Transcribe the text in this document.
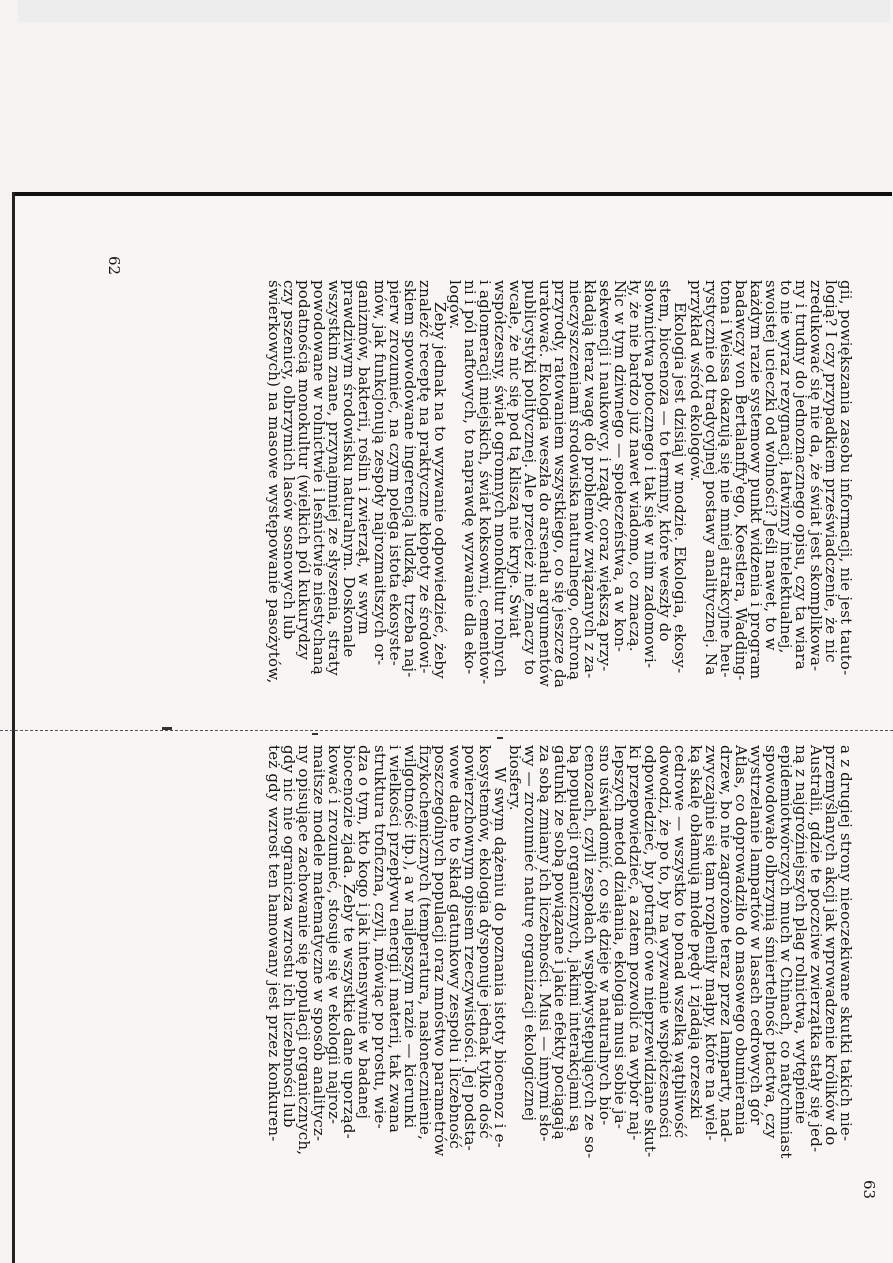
gii, powiększania zasobu informacji, nie jest tauto-

logią? I czy przypadkiem przeświadczenie, że nic

zredukować się nie da, że świat jest skomplikowa-

ny i trudny do jednoznacznego opisu, czy ta wiara

to nie wyraz rezygnacji, łatwizny intelektualnej,

swoistej ucieczki od wolności? Jeśli nawet, to w

każdym razie systemowy punkt widzenia i program

badawczy von Bertalanffy'ego, Koestlera, Wadding-

tona i Weissa okazują się nie mniej atrakcyjne heu-

rystycznie od tradycyjnej postawy analitycznej. Na

przykład wśród ekologów.

Ekologia jest dzisiaj w modzie. Ekologia, ekosy-

stem, biocenoza — to terminy, które weszły do

słownictwa potocznego i tak się w nim zadomowi-

ły, że nie bardzo już nawet wiadomo, co znaczą.

Nic w tym dziwnego — społeczeństwa, a w kon-

sekwencji i naukowcy, i rządy, coraz większą przy-

kładają teraz wagę do problemów związanych z za-

nieczyszczeniami środowiska naturalnego, ochroną

przyrody, ratowaniem wszystkiego, co się jeszcze da

uratować. Ekologia weszła do arsenału argumentów

publicystyki politycznej. Ale przecież nie znaczy to

wcale, że nic się pod tą kliszą nie kryje. Świat

współczesny, świat ogromnych monokultur rolnych

i aglomeracji miejskich, świat koksowni, cementow-

ni i pól naftowych, to naprawdę wyzwanie dla eko-

logów.

Żeby jednak na to wyzwanie odpowiedzieć, żeby

znaleźć receptę na praktyczne kłopoty ze środowi-

skiem spowodowane ingerencją ludzką, trzeba naj-

pierw zrozumieć, na czym polega istota ekosyste-

mów, jak funkcjonują zespoły najrozmaitszych or-

ganizmów, bakterii, roślin i zwierząt, w swym

prawdziwym środowisku naturalnym. Doskonale

wszystkim znane, przynajmniej ze słyszenia, straty

powodowane w rolnictwie i leśnictwie niestychaną

podatnością monokultur (wielkich pól kukurydzy

czy pszenicy, olbrzymich lasów sosnowych lub

świerkowych) na masowe występowanie pasożytów,

a z drugiej strony nieoczekiwane skutki takich nie-

przemyślanych akcji jak wprowadzenie królików do

Australii, gdzie te poczciwe zwierzątka stały się jed-

ną z najgroźniejszych plag rolnictwa, wytępienie

epidemiotwórczych much w Chinach, co natychmiast

spowodowało olbrzymią śmiertelność ptactwa, czy

wystrzelanie lampartów w lasach cedrowych gór

Atlas, co doprowadziło do masowego obumierania

drzew, bo nie zagrożone teraz przez lamparty, nad-

zwyczajnie się tam rozpleniły małpy, które na wiel-

ką skalę obłamują młode pędy i zjadają orzeszki

cedrowe — wszystko to ponad wszelką wątpliwość

dowodzi, że po to, by na wyzwanie współczesności

odpowiedzieć, by potrafić owe nieprzewidziane skut-

ki przepowiedzieć, a zatem pozwolić na wybór naj-

lepszych metod działania, ekologia musi sobie ja-

sno uświadomić, co się dzieje w naturalnych bio-

cenozach, czyli zespołach współwystępujących ze so-

bą populacji organicznych, jakimi interakcjami są

gatunki ze sobą powiązane i jakie efekty pociągają

za sobą zmiany ich liczebności. Musi — innymi sło-

wy — zrozumieć naturę organizacji ekologicznej

biosfery.

W swym dążeniu do poznania istoty biocenoz i e-

kosystemów, ekologia dysponuje jednak tylko dość

powierzchownym opisem rzeczywistości. Jej podsta-

wowe dane to skład gatunkowy zespołu i liczebność

poszczególnych populacji oraz mnóstwo parametrów

fizykochemicznych (temperatura, nasłonecznienie,

wilgotność itp.), a w najlepszym razie — kierunki

i wielkości przepływu energii i materii, tak zwana

struktura troficzna, czyli, mówiąc po prostu, wie-

dza o tym, kto kogo i jak intensywnie w badanej

biocenozie zjada. Żeby te wszystkie dane uporząd-

kować i zrozumieć, stosuje się w ekologii najroz-

maitsze modele matematyczne w sposób analitycz-

ny opisujące zachowanie się populacji organicznych,

gdy nic nie ogranicza wzrostu ich liczebności lub

też gdy wzrost ten hamowany jest przez konkuren-

62
63
